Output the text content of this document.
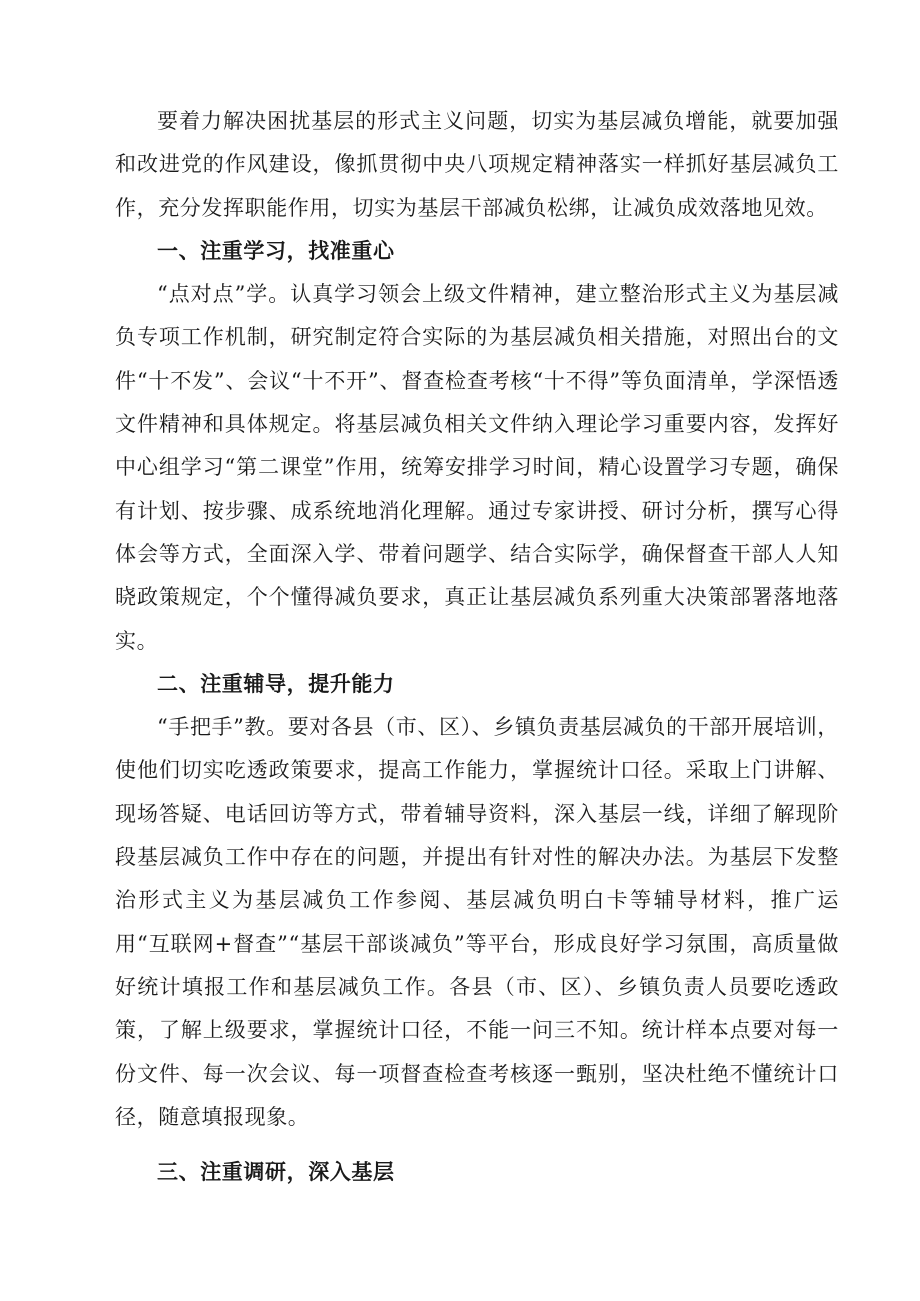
要着力解决困扰基层的形式主义问题，切实为基层减负增能，就要加强和改进党的作风建设，像抓贯彻中央八项规定精神落实一样抓好基层减负工作，充分发挥职能作用，切实为基层干部减负松绑，让减负成效落地见效。

一、注重学习，找准重心

“点对点”学。认真学习领会上级文件精神，建立整治形式主义为基层减负专项工作机制，研究制定符合实际的为基层减负相关措施，对照出台的文件“十不发”、会议“十不开”、督查检查考核“十不得”等负面清单，学深悟透文件精神和具体规定。将基层减负相关文件纳入理论学习重要内容，发挥好中心组学习“第二课堂”作用，统筹安排学习时间，精心设置学习专题，确保有计划、按步骤、成系统地消化理解。通过专家讲授、研讨分析，撰写心得体会等方式，全面深入学、带着问题学、结合实际学，确保督查干部人人知晓政策规定，个个懂得减负要求，真正让基层减负系列重大决策部署落地落实。

二、注重辅导，提升能力

“手把手”教。要对各县（市、区）、乡镇负责基层减负的干部开展培训，使他们切实吃透政策要求，提高工作能力，掌握统计口径。采取上门讲解、现场答疑、电话回访等方式，带着辅导资料，深入基层一线，详细了解现阶段基层减负工作中存在的问题，并提出有针对性的解决办法。为基层下发整治形式主义为基层减负工作参阅、基层减负明白卡等辅导材料，推广运用“互联网+督查”“基层干部谈减负”等平台，形成良好学习氛围，高质量做好统计填报工作和基层减负工作。各县（市、区）、乡镇负责人员要吃透政策，了解上级要求，掌握统计口径，不能一问三不知。统计样本点要对每一份文件、每一次会议、每一项督查检查考核逐一甄别，坚决杜绝不懂统计口径，随意填报现象。

三、注重调研，深入基层
